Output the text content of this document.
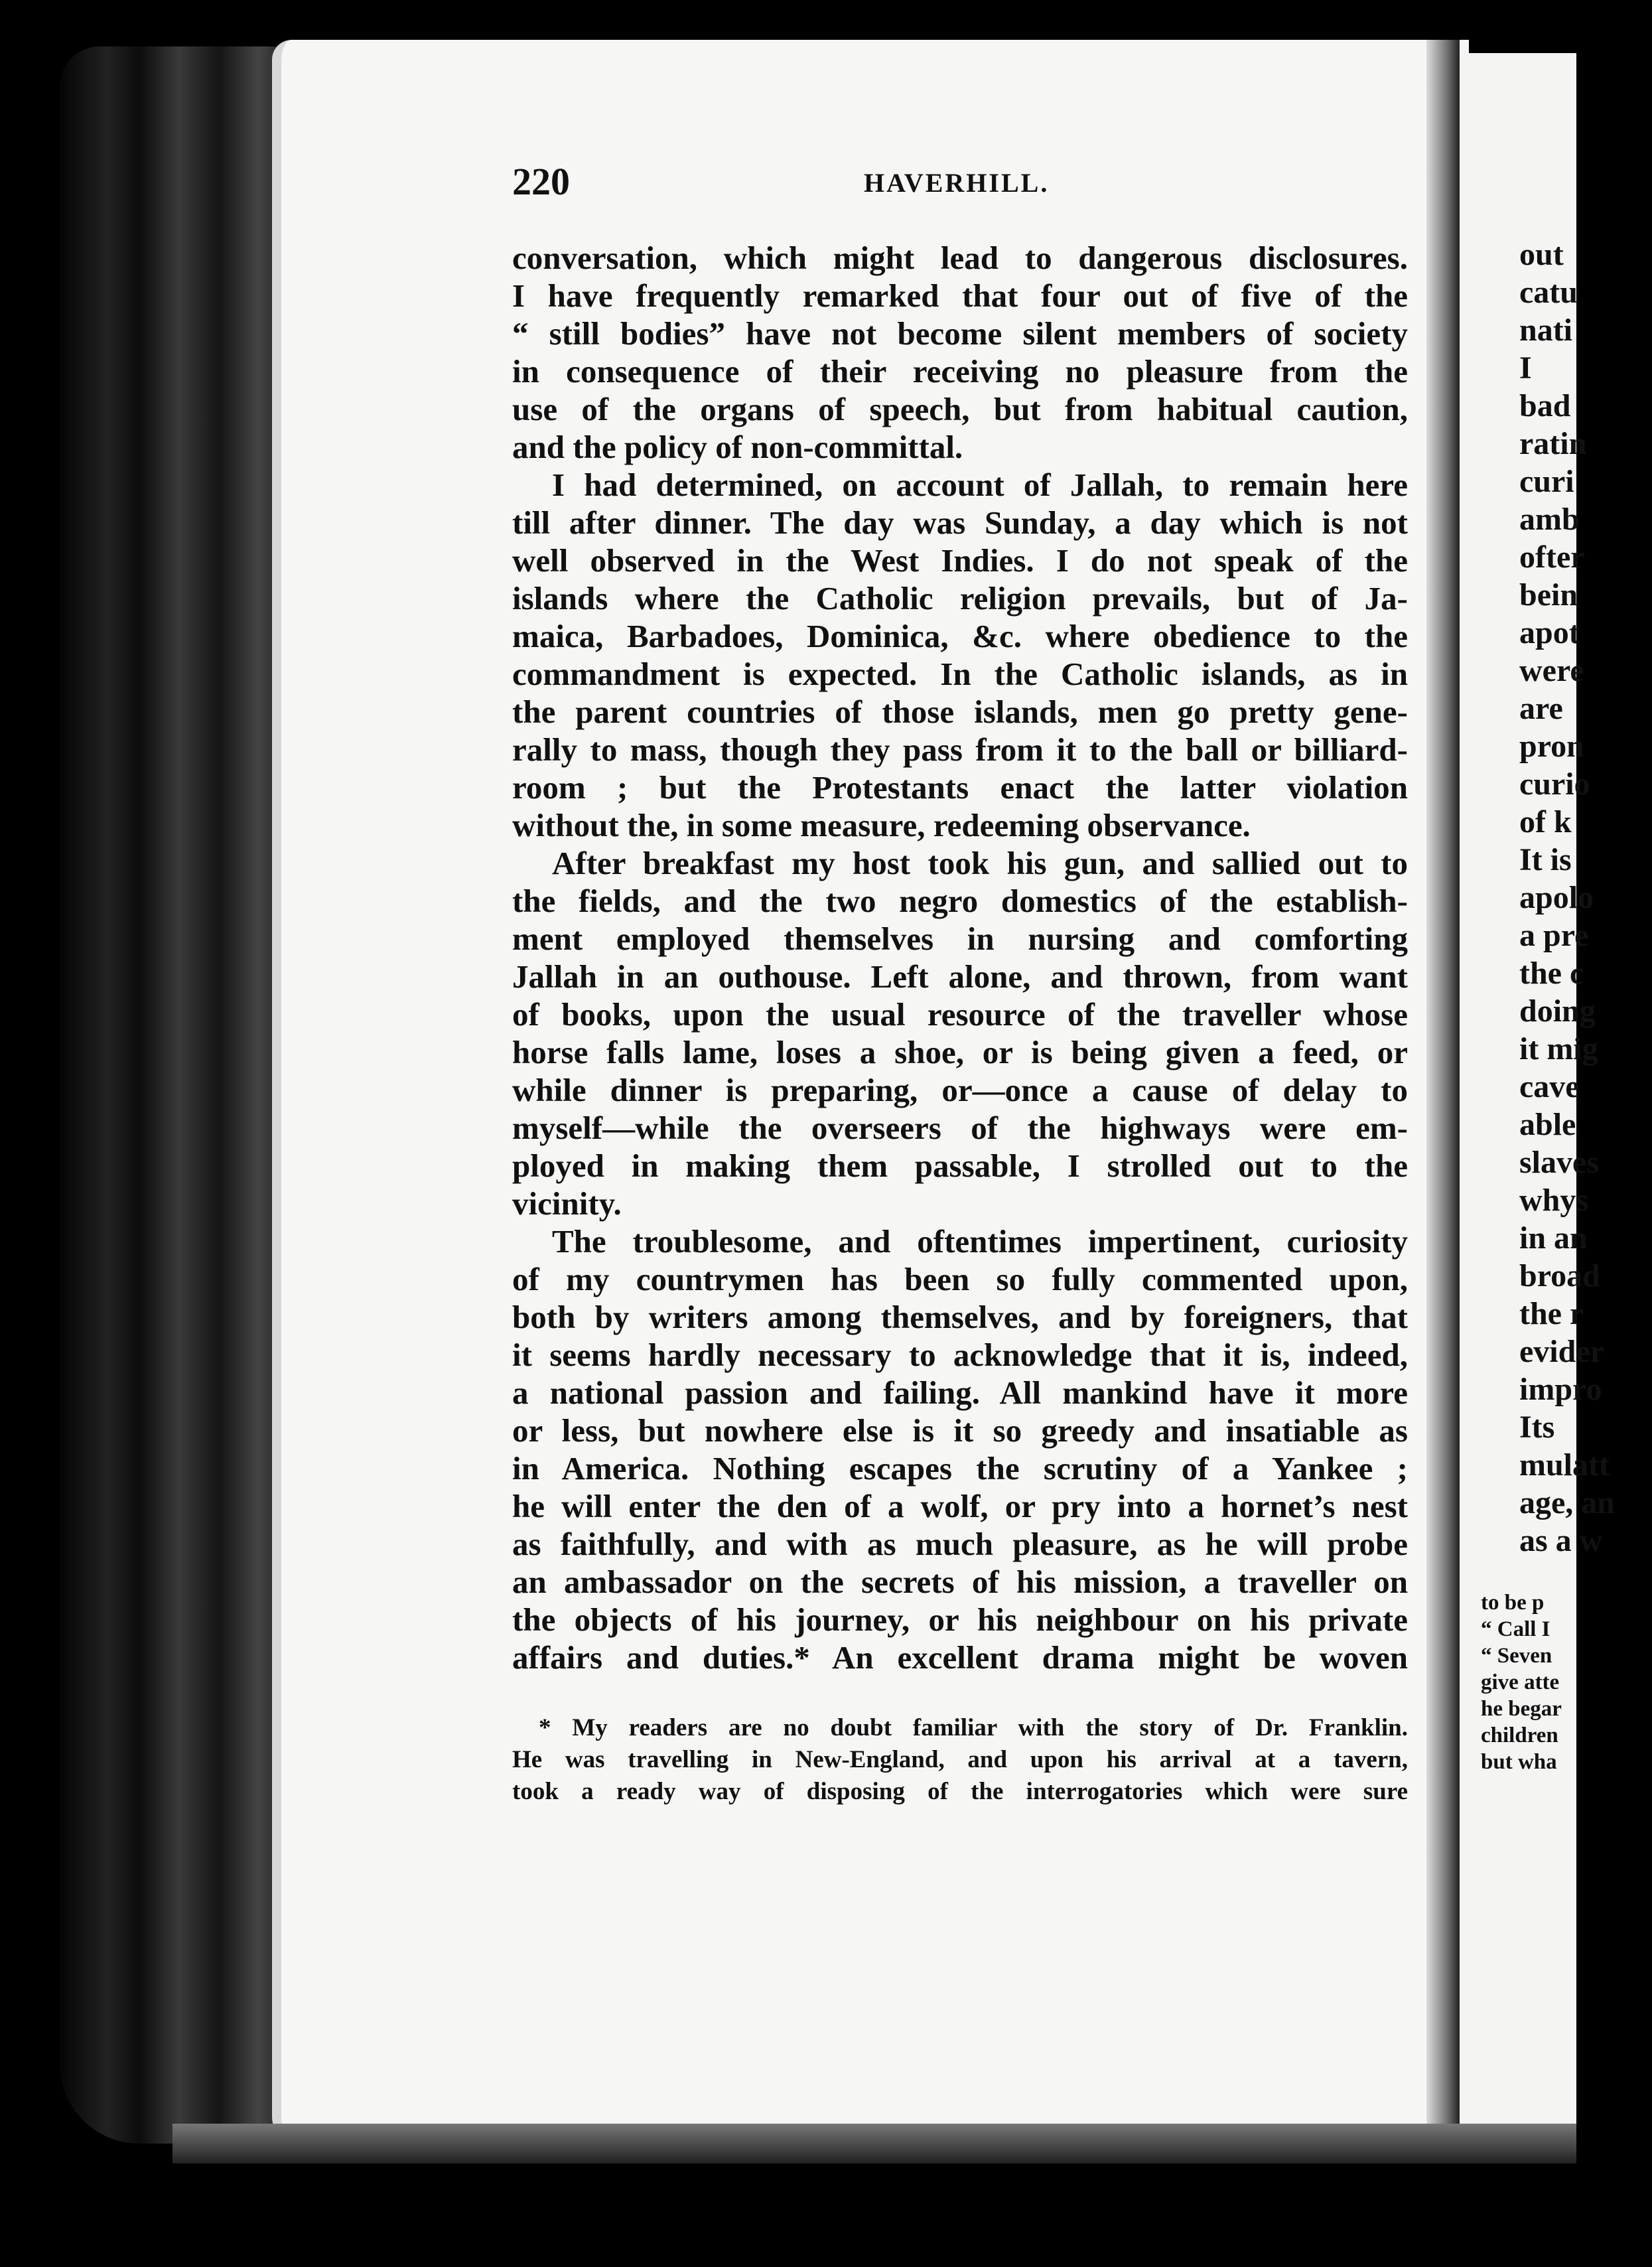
220	HAVERHILL.
conversation, which might lead to dangerous disclosures.
I have frequently remarked that four out of five of the
“ still bodies” have not become silent members of society
in consequence of their receiving no pleasure from the
use of the organs of speech, but from habitual caution,
and the policy of non-committal.
I had determined, on account of Jallah, to remain here
till after dinner. The day was Sunday, a day which is not
well observed in the West Indies. I do not speak of the
islands where the Catholic religion prevails, but of Ja-
maica, Barbadoes, Dominica, &c. where obedience to the
commandment is expected. In the Catholic islands, as in
the parent countries of those islands, men go pretty gene-
rally to mass, though they pass from it to the ball or billiard-
room ; but the Protestants enact the latter violation
without the, in some measure, redeeming observance.
After breakfast my host took his gun, and sallied out to
the fields, and the two negro domestics of the establish-
ment employed themselves in nursing and comforting
Jallah in an outhouse. Left alone, and thrown, from want
of books, upon the usual resource of the traveller whose
horse falls lame, loses a shoe, or is being given a feed, or
while dinner is preparing, or—once a cause of delay to
myself—while the overseers of the highways were em-
ployed in making them passable, I strolled out to the
vicinity.
The troublesome, and oftentimes impertinent, curiosity
of my countrymen has been so fully commented upon,
both by writers among themselves, and by foreigners, that
it seems hardly necessary to acknowledge that it is, indeed,
a national passion and failing. All mankind have it more
or less, but nowhere else is it so greedy and insatiable as
in America. Nothing escapes the scrutiny of a Yankee ;
he will enter the den of a wolf, or pry into a hornet’s nest
as faithfully, and with as much pleasure, as he will probe
an ambassador on the secrets of his mission, a traveller on
the objects of his journey, or his neighbour on his private
affairs and duties.* An excellent drama might be woven
* My readers are no doubt familiar with the story of Dr. Franklin.
He was travelling in New-England, and upon his arrival at a tavern,
took a ready way of disposing of the interrogatories which were sure
out
catu
nati
I
bad
ratin
curi
amb
ofter
bein
apot
were
are
pron
curio
of k
It is
apolo
a pre
the c
doing
it mig
cave
able
slaves
whys
in an
broad
the r
evider
impro
Its
mulatt
age, an
as a w
to be p
“ Call I
“ Seven
give atte
he begar
children
but wha
